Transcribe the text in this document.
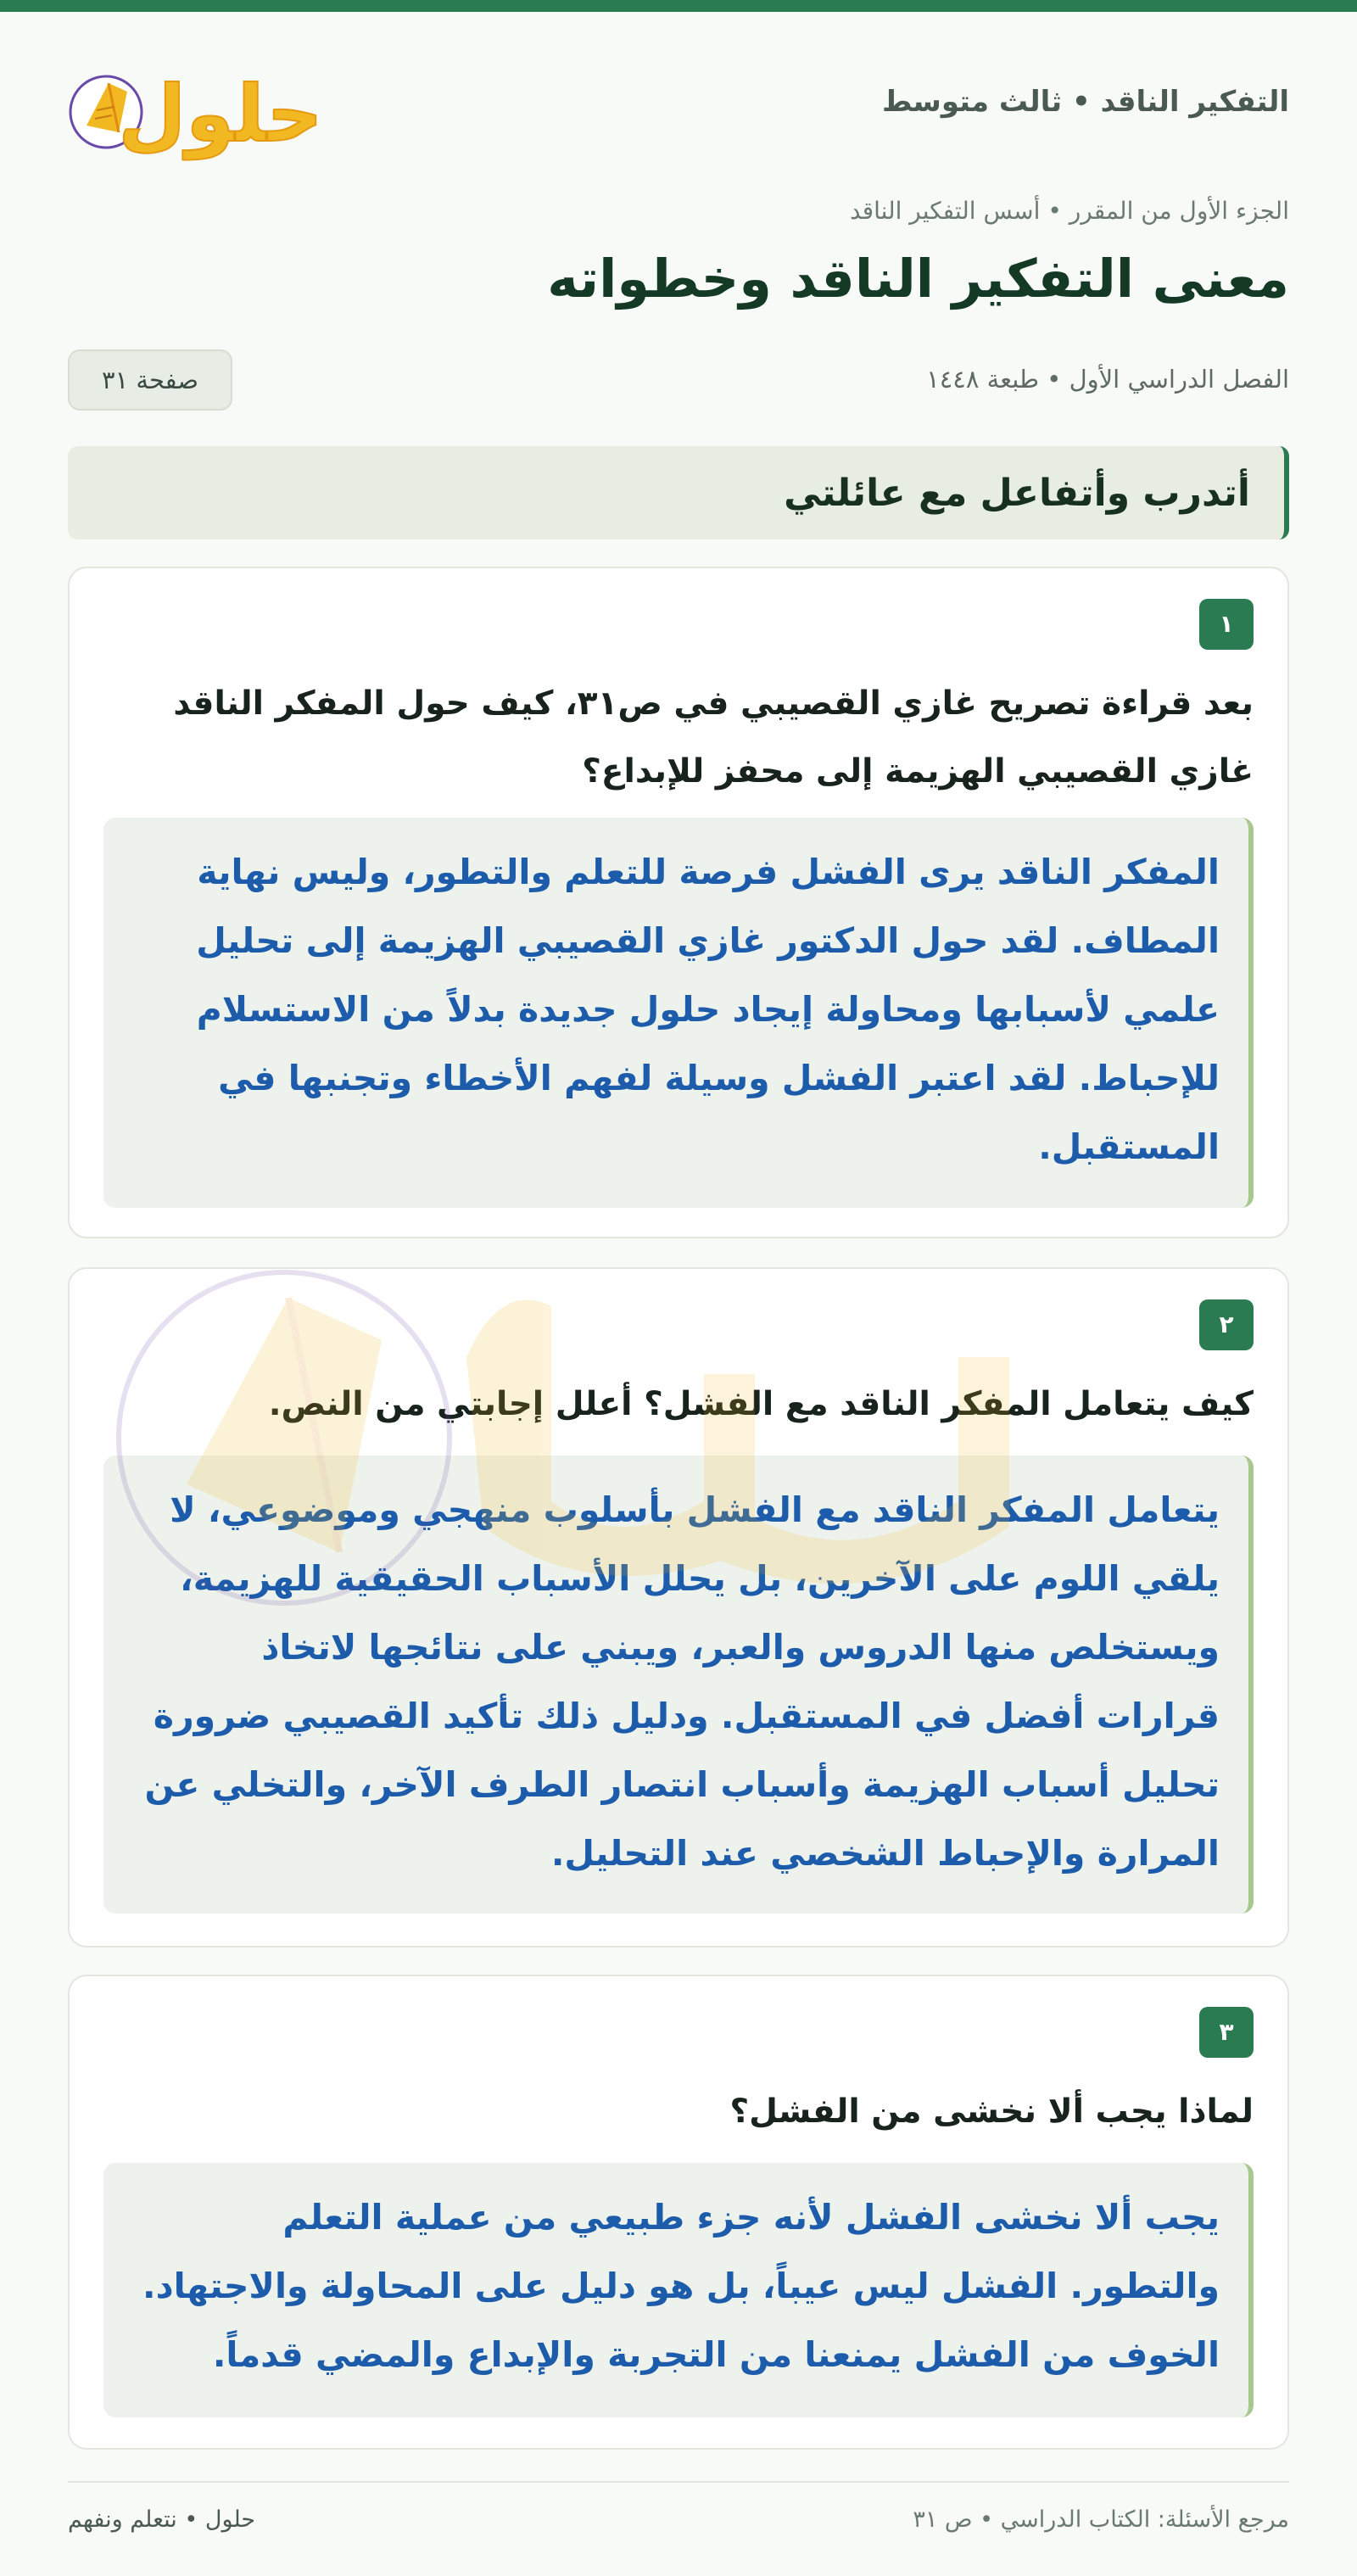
التفكير الناقد • ثالث متوسط
حلول
الجزء الأول من المقرر • أسس التفكير الناقد
معنى التفكير الناقد وخطواته
الفصل الدراسي الأول • طبعة ١٤٤٨
صفحة ٣١
أتدرب وأتفاعل مع عائلتي
١
بعد قراءة تصريح غازي القصيبي في ص٣١، كيف حول المفكر الناقد غازي القصيبي الهزيمة إلى محفز للإبداع؟

المفكر الناقد يرى الفشل فرصة للتعلم والتطور، وليس نهاية المطاف. لقد حول الدكتور غازي القصيبي الهزيمة إلى تحليل علمي لأسبابها ومحاولة إيجاد حلول جديدة بدلاً من الاستسلام للإحباط. لقد اعتبر الفشل وسيلة لفهم الأخطاء وتجنبها في المستقبل.

٢
كيف يتعامل المفكر الناقد مع الفشل؟ أعلل إجابتي من النص.

يتعامل المفكر الناقد مع الفشل بأسلوب منهجي وموضوعي، لا يلقي اللوم على الآخرين، بل يحلل الأسباب الحقيقية للهزيمة، ويستخلص منها الدروس والعبر، ويبني على نتائجها لاتخاذ قرارات أفضل في المستقبل. ودليل ذلك تأكيد القصيبي ضرورة تحليل أسباب الهزيمة وأسباب انتصار الطرف الآخر، والتخلي عن المرارة والإحباط الشخصي عند التحليل.

٣
لماذا يجب ألا نخشى من الفشل؟

يجب ألا نخشى الفشل لأنه جزء طبيعي من عملية التعلم والتطور. الفشل ليس عيباً، بل هو دليل على المحاولة والاجتهاد. الخوف من الفشل يمنعنا من التجربة والإبداع والمضي قدماً.

مرجع الأسئلة: الكتاب الدراسي • ص ٣١
حلول • نتعلم ونفهم
